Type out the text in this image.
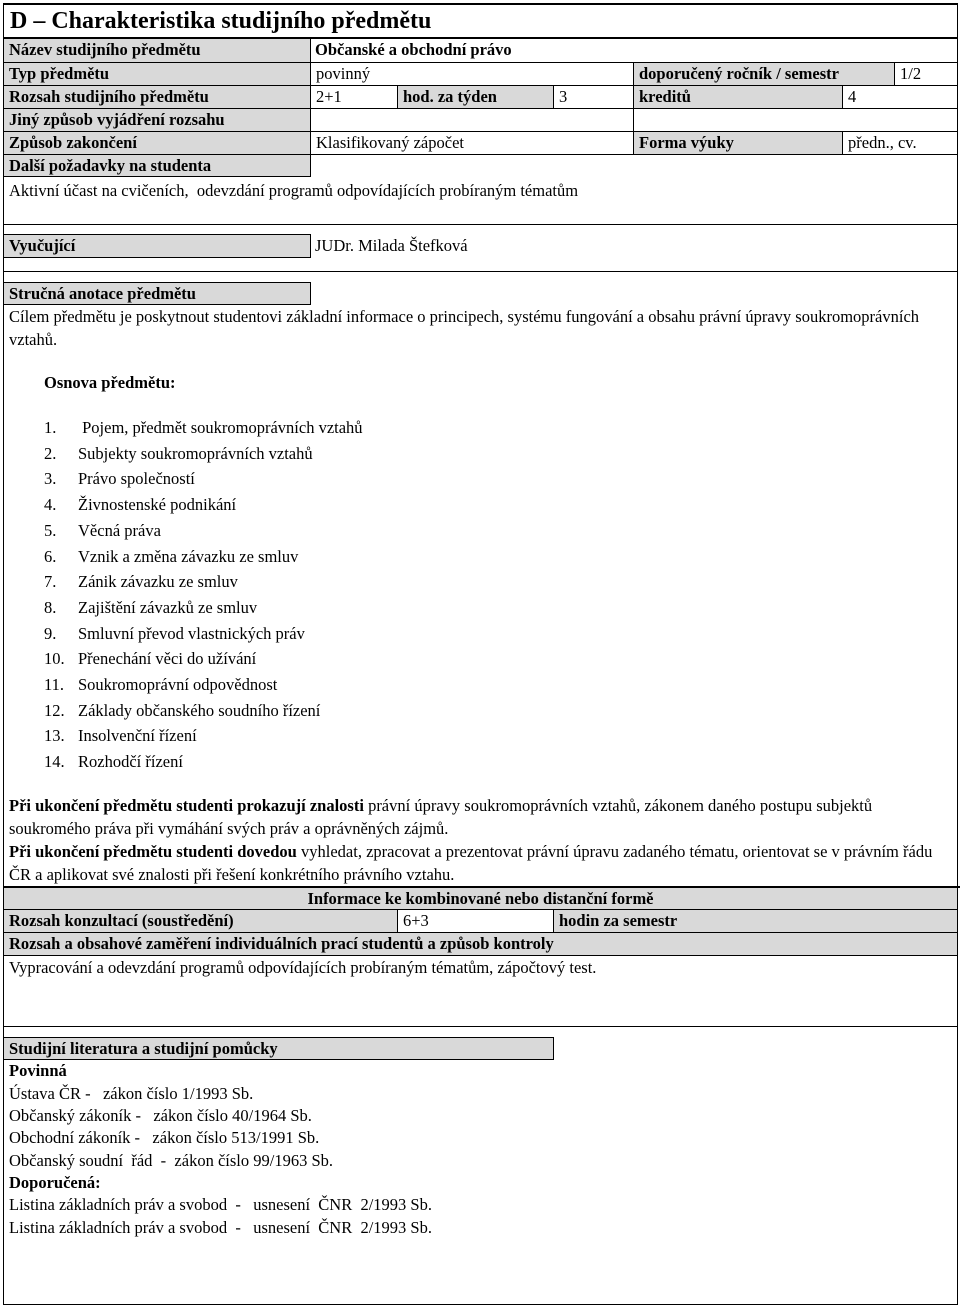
D – Charakteristika studijního předmětu
Název studijního předmětu	Občanské a obchodní právo
Typ předmětu	povinný	doporučený ročník / semestr	1/2
Rozsah studijního předmětu	2+1	hod. za týden	3	kreditů	4
Jiný způsob vyjádření rozsahu
Způsob zakončení	Klasifikovaný zápočet	Forma výuky	předn., cv.
Další požadavky na studenta
Aktivní účast na cvičeních,  odevzdání programů odpovídajících probíraným tématům
Vyučující	JUDr. Milada Štefková
Stručná anotace předmětu
Cílem předmětu je poskytnout studentovi základní informace o principech, systému fungování a obsahu právní úpravy soukromoprávních vztahů.
Osnova předmětu:
1. Pojem, předmět soukromoprávních vztahů
2. Subjekty soukromoprávních vztahů
3. Právo společností
4. Živnostenské podnikání
5. Věcná práva
6. Vznik a změna závazku ze smluv
7. Zánik závazku ze smluv
8. Zajištění závazků ze smluv
9. Smluvní převod vlastnických práv
10. Přenechání věci do užívání
11. Soukromoprávní odpovědnost
12. Základy občanského soudního řízení
13. Insolvenční řízení
14. Rozhodčí řízení
Při ukončení předmětu studenti prokazují znalosti právní úpravy soukromoprávních vztahů, zákonem daného postupu subjektů soukromého práva při vymáhání svých práv a oprávněných zájmů.
Při ukončení předmětu studenti dovedou vyhledat, zpracovat a prezentovat právní úpravu zadaného tématu, orientovat se v právním řádu ČR a aplikovat své znalosti při řešení konkrétního právního vztahu.
Informace ke kombinované nebo distanční formě
Rozsah konzultací (soustředění)	6+3	hodin za semestr
Rozsah a obsahové zaměření individuálních prací studentů a způsob kontroly
Vypracování a odevzdání programů odpovídajících probíraným tématům, zápočtový test.
Studijní literatura a studijní pomůcky
Povinná
Ústava ČR -   zákon číslo 1/1993 Sb.
Občanský zákoník -   zákon číslo 40/1964 Sb.
Obchodní zákoník -   zákon číslo 513/1991 Sb.
Občanský soudní  řád  -  zákon číslo 99/1963 Sb.
Doporučená:
Listina základních práv a svobod  -   usnesení  ČNR  2/1993 Sb.
Listina základních práv a svobod  -   usnesení  ČNR  2/1993 Sb.
